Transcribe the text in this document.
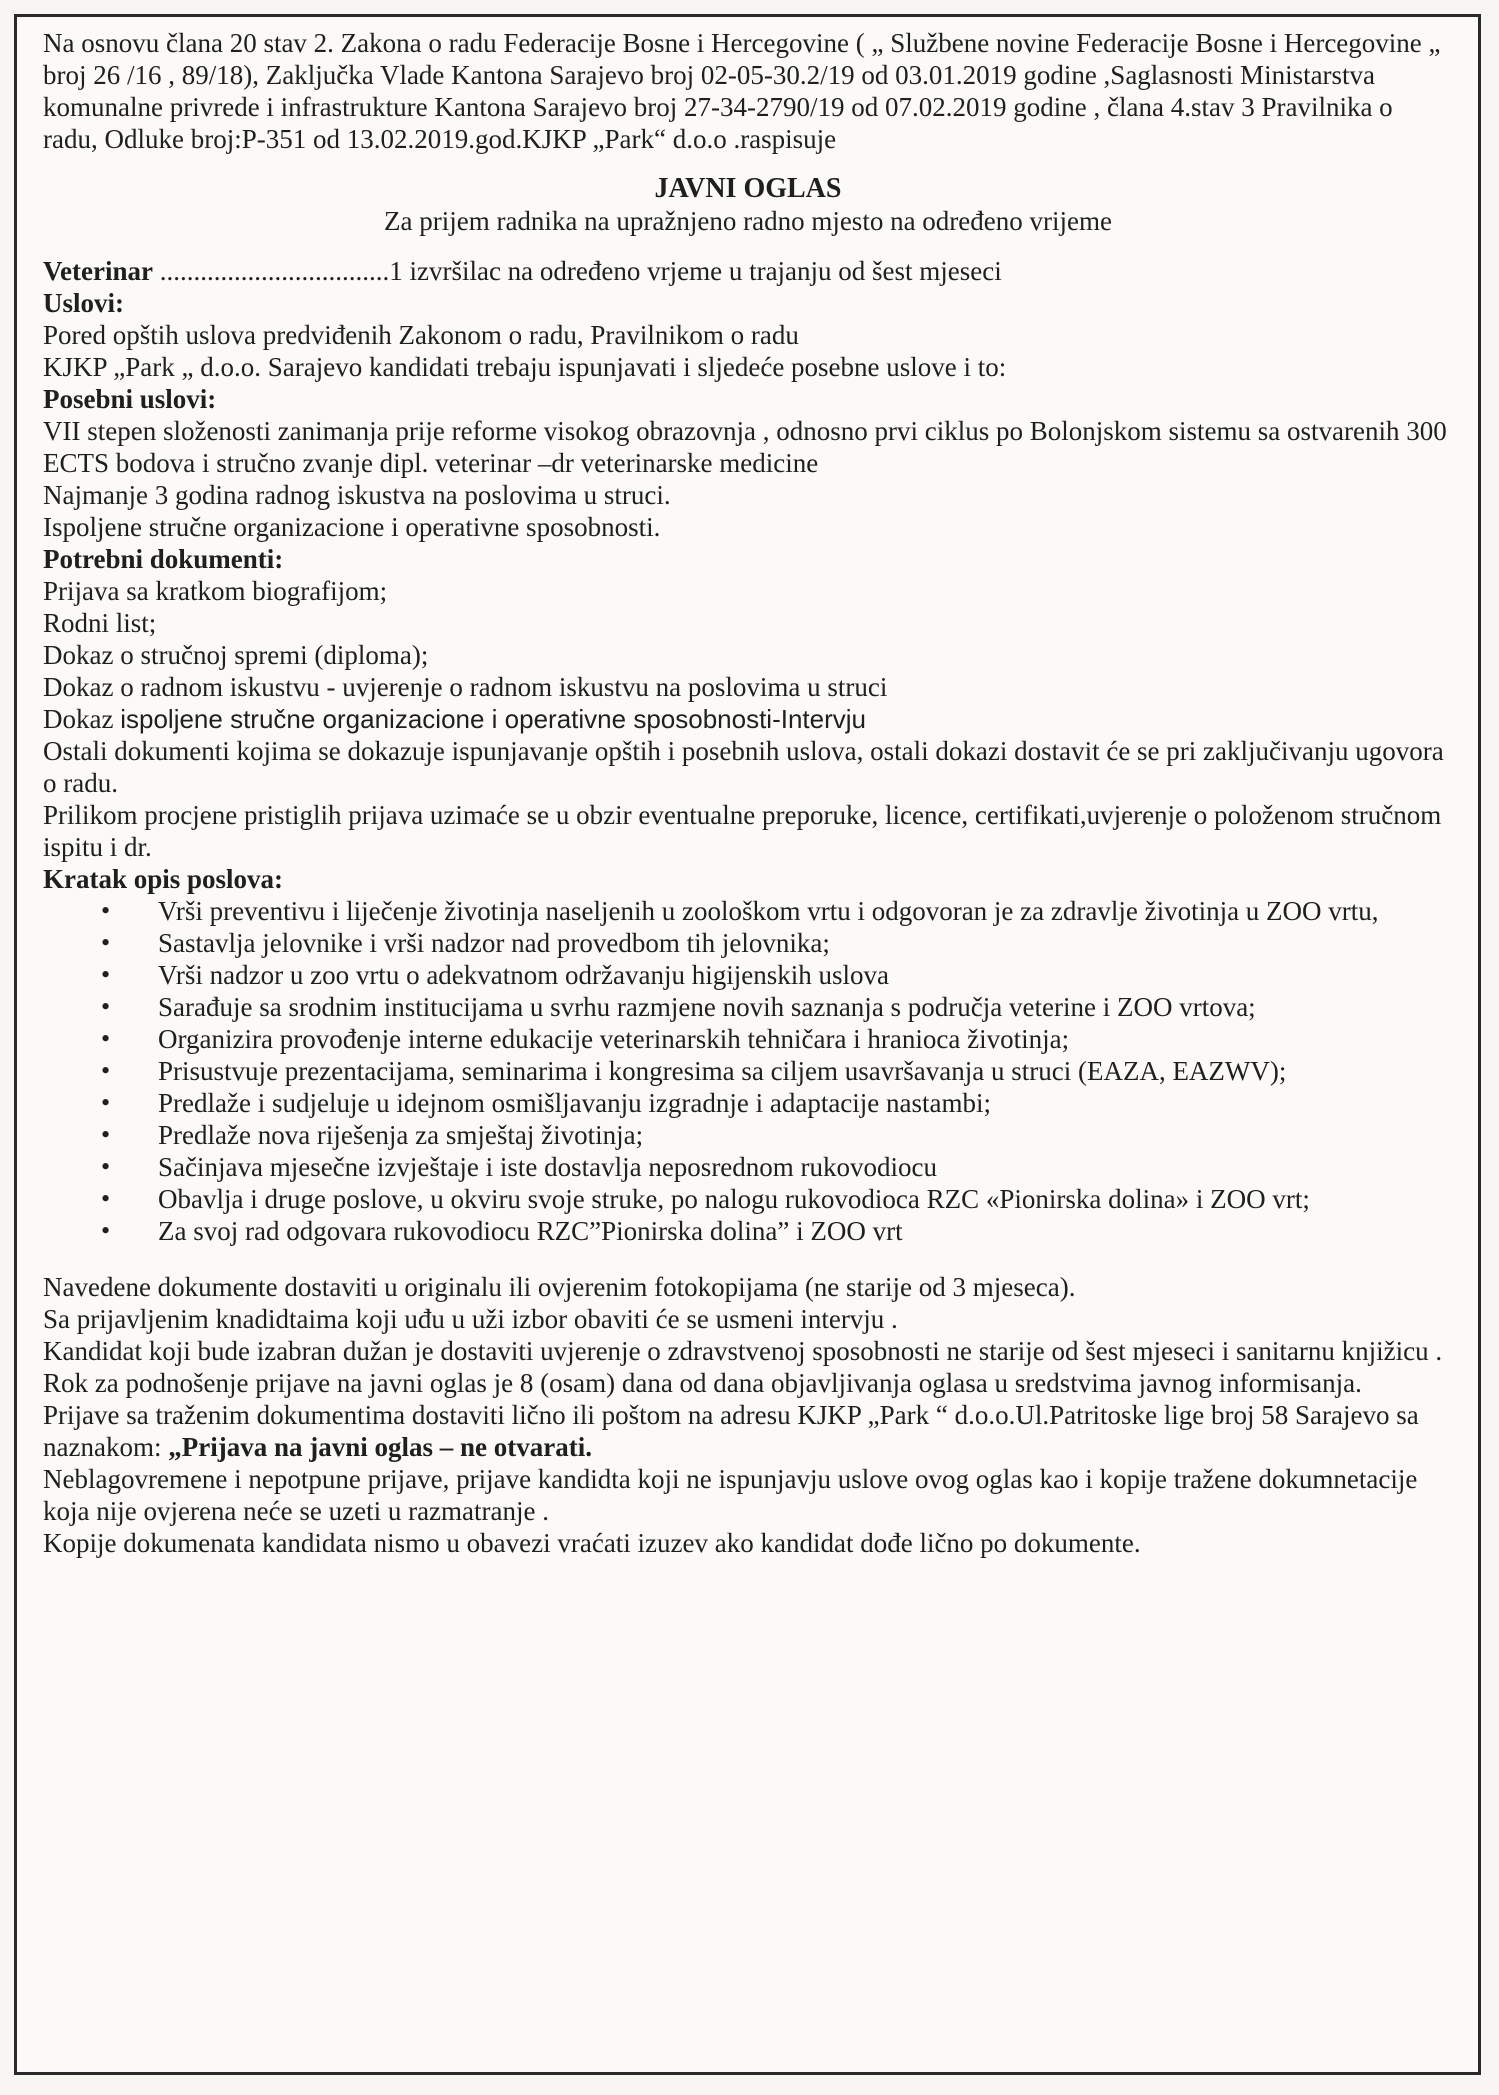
Na osnovu člana 20 stav 2. Zakona o radu Federacije Bosne i Hercegovine ( „ Službene novine Federacije Bosne i Hercegovine „ broj 26 /16 , 89/18), Zaključka Vlade Kantona Sarajevo broj 02-05-30.2/19 od 03.01.2019 godine ,Saglasnosti Ministarstva komunalne privrede i infrastrukture Kantona Sarajevo broj 27-34-2790/19 od 07.02.2019 godine , člana 4.stav 3 Pravilnika o radu, Odluke broj:P-351 od 13.02.2019.god.KJKP „Park“ d.o.o .raspisuje

JAVNI OGLAS

Za prijem radnika na upražnjeno radno mjesto na određeno vrijeme

Veterinar ..................................1 izvršilac na određeno vrjeme u trajanju od šest mjeseci

Uslovi:

Pored opštih uslova predviđenih Zakonom o radu, Pravilnikom o radu

KJKP „Park „ d.o.o. Sarajevo kandidati trebaju ispunjavati i sljedeće posebne uslove i to:

Posebni uslovi:

VII stepen složenosti zanimanja prije reforme visokog obrazovnja , odnosno prvi ciklus po Bolonjskom sistemu sa ostvarenih 300 ECTS bodova i stručno zvanje dipl. veterinar –dr veterinarske medicine

Najmanje 3 godina radnog iskustva na poslovima u struci.

Ispoljene stručne organizacione i operativne sposobnosti.

Potrebni dokumenti:

Prijava sa kratkom biografijom;

Rodni list;

Dokaz o stručnoj spremi (diploma);

Dokaz o radnom iskustvu - uvjerenje o radnom iskustvu na poslovima u struci

Dokaz ispoljene stručne organizacione i operativne sposobnosti-Intervju

Ostali dokumenti kojima se dokazuje ispunjavanje opštih i posebnih uslova, ostali dokazi dostavit će se pri zaključivanju ugovora o radu.

Prilikom procjene pristiglih prijava uzimaće se u obzir eventualne preporuke, licence, certifikati,uvjerenje o položenom stručnom ispitu i dr.

Kratak opis poslova:

• Vrši preventivu i liječenje životinja naseljenih u zoološkom vrtu i odgovoran je za zdravlje životinja u ZOO vrtu,
• Sastavlja jelovnike i vrši nadzor nad provedbom tih jelovnika;
• Vrši nadzor u zoo vrtu o adekvatnom održavanju higijenskih uslova
• Sarađuje sa srodnim institucijama u svrhu razmjene novih saznanja s područja veterine i ZOO vrtova;
• Organizira provođenje interne edukacije veterinarskih tehničara i hranioca životinja;
• Prisustvuje prezentacijama, seminarima i kongresima sa ciljem usavršavanja u struci (EAZA, EAZWV);
• Predlaže i sudjeluje u idejnom osmišljavanju izgradnje i adaptacije nastambi;
• Predlaže nova riješenja za smještaj životinja;
• Sačinjava mjesečne izvještaje i iste dostavlja neposrednom rukovodiocu
• Obavlja i druge poslove, u okviru svoje struke, po nalogu rukovodioca RZC «Pionirska dolina» i ZOO vrt;
• Za svoj rad odgovara rukovodiocu RZC”Pionirska dolina” i ZOO vrt

Navedene dokumente dostaviti u originalu ili ovjerenim fotokopijama (ne starije od 3 mjeseca).

Sa prijavljenim knadidtaima koji uđu u uži izbor obaviti će se usmeni intervju .

Kandidat koji bude izabran dužan je dostaviti uvjerenje o zdravstvenoj sposobnosti ne starije od šest mjeseci i sanitarnu knjižicu .

Rok za podnošenje prijave na javni oglas je 8 (osam) dana od dana objavljivanja oglasa u sredstvima javnog informisanja.

Prijave sa traženim dokumentima dostaviti lično ili poštom na adresu KJKP „Park “ d.o.o.Ul.Patritoske lige broj 58 Sarajevo sa naznakom: „Prijava na javni oglas – ne otvarati.

Neblagovremene i nepotpune prijave, prijave kandidta koji ne ispunjavju uslove ovog oglas kao i kopije tražene dokumnetacije koja nije ovjerena neće se uzeti u razmatranje .

Kopije dokumenata kandidata nismo u obavezi vraćati izuzev ako kandidat dođe lično po dokumente.
